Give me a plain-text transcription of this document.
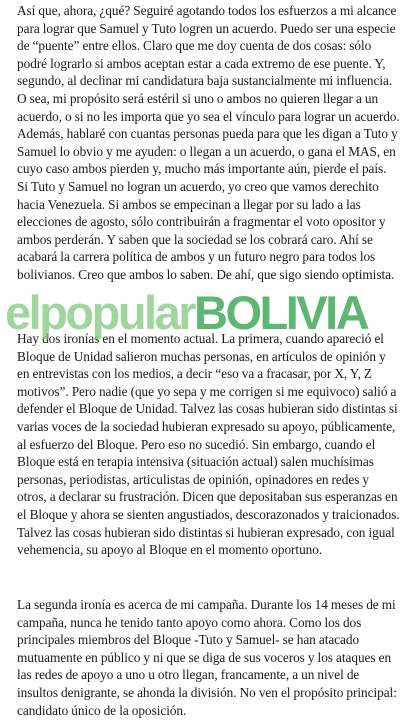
Así que, ahora, ¿qué? Seguiré agotando todos los esfuerzos a mi alcance para lograr que Samuel y Tuto logren un acuerdo. Puedo ser una especie de “puente” entre ellos. Claro que me doy cuenta de dos cosas: sólo podré lograrlo si ambos aceptan estar a cada extremo de ese puente. Y, segundo, al declinar mi candidatura baja sustancialmente mi influencia. O sea, mi propósito será estéril si uno o ambos no quieren llegar a un acuerdo, o si no les importa que yo sea el vínculo para lograr un acuerdo. Además, hablaré con cuantas personas pueda para que les digan a Tuto y Samuel lo obvio y me ayuden: o llegan a un acuerdo, o gana el MAS, en cuyo caso ambos pierden y, mucho más importante aún, pierde el país. Si Tuto y Samuel no logran un acuerdo, yo creo que vamos derechito hacia Venezuela. Si ambos se empecinan a llegar por su lado a las elecciones de agosto, sólo contribuirán a fragmentar el voto opositor y ambos perderán. Y saben que la sociedad se los cobrará caro. Ahí se acabará la carrera política de ambos y un futuro negro para todos los bolivianos. Creo que ambos lo saben. De ahí, que sigo siendo optimista.

Hay dos ironías en el momento actual. La primera, cuando apareció el Bloque de Unidad salieron muchas personas, en artículos de opinión y en entrevistas con los medios, a decir “eso va a fracasar, por X, Y, Z motivos”. Pero nadie (que yo sepa y me corrigen si me equivoco) salió a defender el Bloque de Unidad. Talvez las cosas hubieran sido distintas si varias voces de la sociedad hubieran expresado su apoyo, públicamente, al esfuerzo del Bloque. Pero eso no sucedió. Sin embargo, cuando el Bloque está en terapia intensiva (situación actual) salen muchísimas personas, periodistas, articulistas de opinión, opinadores en redes y otros, a declarar su frustración. Dicen que depositaban sus esperanzas en el Bloque y ahora se sienten angustiados, descorazonados y traicionados. Talvez las cosas hubieran sido distintas si hubieran expresado, con igual vehemencia, su apoyo al Bloque en el momento oportuno.

La segunda ironía es acerca de mi campaña. Durante los 14 meses de mi campaña, nunca he tenido tanto apoyo como ahora. Como los dos principales miembros del Bloque -Tuto y Samuel- se han atacado mutuamente en público y ni que se diga de sus voceros y los ataques en las redes de apoyo a uno u otro llegan, francamente, a un nivel de insultos denigrante, se ahonda la división. No ven el propósito principal: candidato único de la oposición.

elpopularBOLIVIA
